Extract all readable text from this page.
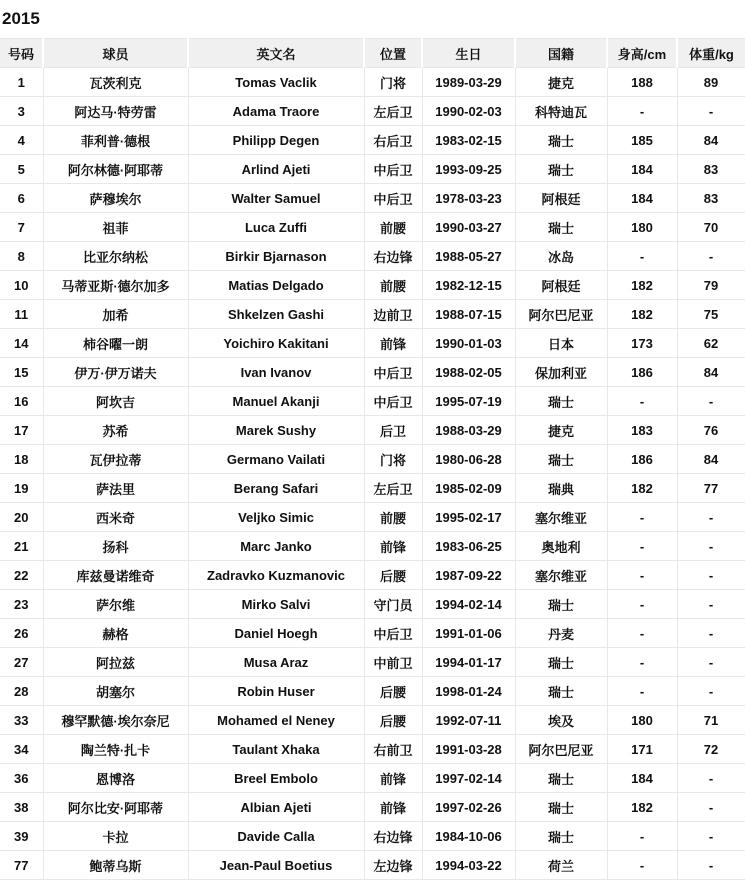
2015
号码	球员	英文名	位置	生日	国籍	身高/cm	体重/kg
1	瓦茨利克	Tomas Vaclik	门将	1989-03-29	捷克	188	89
3	阿达马·特劳雷	Adama Traore	左后卫	1990-02-03	科特迪瓦	-	-
4	菲利普·德根	Philipp Degen	右后卫	1983-02-15	瑞士	185	84
5	阿尔林德·阿耶蒂	Arlind Ajeti	中后卫	1993-09-25	瑞士	184	83
6	萨穆埃尔	Walter Samuel	中后卫	1978-03-23	阿根廷	184	83
7	祖菲	Luca Zuffi	前腰	1990-03-27	瑞士	180	70
8	比亚尔纳松	Birkir Bjarnason	右边锋	1988-05-27	冰岛	-	-
10	马蒂亚斯·德尔加多	Matias Delgado	前腰	1982-12-15	阿根廷	182	79
11	加希	Shkelzen Gashi	边前卫	1988-07-15	阿尔巴尼亚	182	75
14	柿谷曜一朗	Yoichiro Kakitani	前锋	1990-01-03	日本	173	62
15	伊万·伊万诺夫	Ivan Ivanov	中后卫	1988-02-05	保加利亚	186	84
16	阿坎吉	Manuel Akanji	中后卫	1995-07-19	瑞士	-	-
17	苏希	Marek Sushy	后卫	1988-03-29	捷克	183	76
18	瓦伊拉蒂	Germano Vailati	门将	1980-06-28	瑞士	186	84
19	萨法里	Berang Safari	左后卫	1985-02-09	瑞典	182	77
20	西米奇	Veljko Simic	前腰	1995-02-17	塞尔维亚	-	-
21	扬科	Marc Janko	前锋	1983-06-25	奥地利	-	-
22	库兹曼诺维奇	Zadravko Kuzmanovic	后腰	1987-09-22	塞尔维亚	-	-
23	萨尔维	Mirko Salvi	守门员	1994-02-14	瑞士	-	-
26	赫格	Daniel Hoegh	中后卫	1991-01-06	丹麦	-	-
27	阿拉兹	Musa Araz	中前卫	1994-01-17	瑞士	-	-
28	胡塞尔	Robin Huser	后腰	1998-01-24	瑞士	-	-
33	穆罕默德·埃尔奈尼	Mohamed el Neney	后腰	1992-07-11	埃及	180	71
34	陶兰特·扎卡	Taulant Xhaka	右前卫	1991-03-28	阿尔巴尼亚	171	72
36	恩博洛	Breel Embolo	前锋	1997-02-14	瑞士	184	-
38	阿尔比安·阿耶蒂	Albian Ajeti	前锋	1997-02-26	瑞士	182	-
39	卡拉	Davide Calla	右边锋	1984-10-06	瑞士	-	-
77	鲍蒂乌斯	Jean-Paul Boetius	左边锋	1994-03-22	荷兰	-	-
